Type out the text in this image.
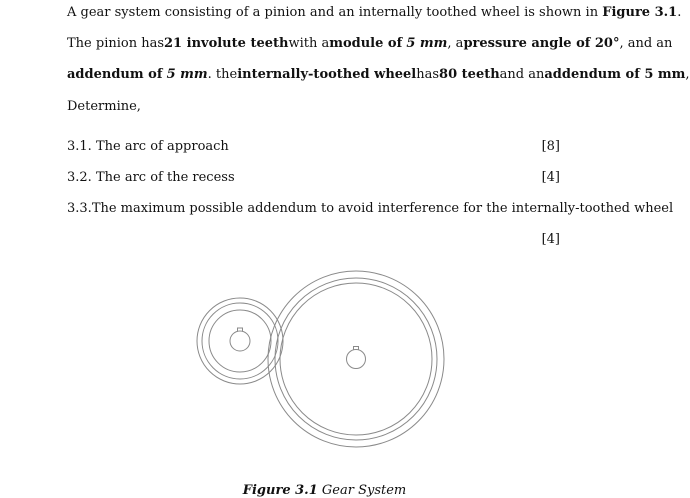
A gear system consisting of a pinion and an internally toothed wheel is shown in Figure 3.1.
The pinion has 21 involute teeth with a module of 5 mm, a pressure angle of 20° , and an
addendum of 5 mm. the internally-toothed wheel has 80 teeth and an addendum of 5 mm,
Determine,
3.1. The arc of approach	[8]
3.2. The arc of the recess	[4]
3.3. The maximum possible addendum to avoid interference for the internally-toothed wheel
[4]
Figure 3.1 Gear System
